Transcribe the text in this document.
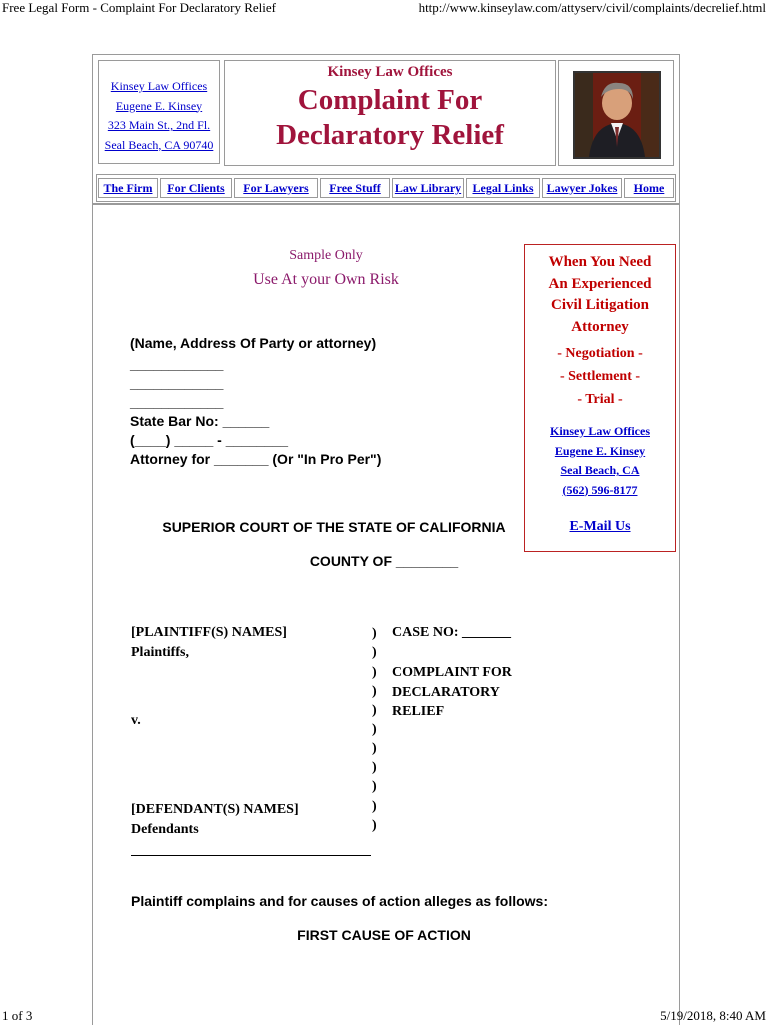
Free Legal Form - Complaint For Declaratory Relief	http://www.kinseylaw.com/attyserv/civil/complaints/decrelief.html
Kinsey Law Offices
Eugene E. Kinsey
323 Main St., 2nd Fl.
Seal Beach, CA 90740
Kinsey Law Offices
Complaint For
Declaratory Relief
The Firm	For Clients	For Lawyers	Free Stuff	Law Library Legal Links	Lawyer Jokes	Home
Sample Only
Use At your Own Risk
When You Need
An Experienced
Civil Litigation
Attorney
- Negotiation -
- Settlement -
- Trial -
Kinsey Law Offices
Eugene E. Kinsey
Seal Beach, CA
(562) 596-8177
E-Mail Us
(Name, Address Of Party or attorney)
____________
____________
____________
State Bar No: ______
(____) _____ - ________
Attorney for _______ (Or "In Pro Per")
SUPERIOR COURT OF THE STATE OF CALIFORNIA
COUNTY OF ________
[PLAINTIFF(S) NAMES]
Plaintiffs,
v.
[DEFENDANT(S) NAMES]
Defendants
)
)
)
)
)
)
)
)
)
)
)
CASE NO: _______
COMPLAINT FOR
DECLARATORY
RELIEF
Plaintiff complains and for causes of action alleges as follows:
FIRST CAUSE OF ACTION
1 of 3	5/19/2018, 8:40 AM
